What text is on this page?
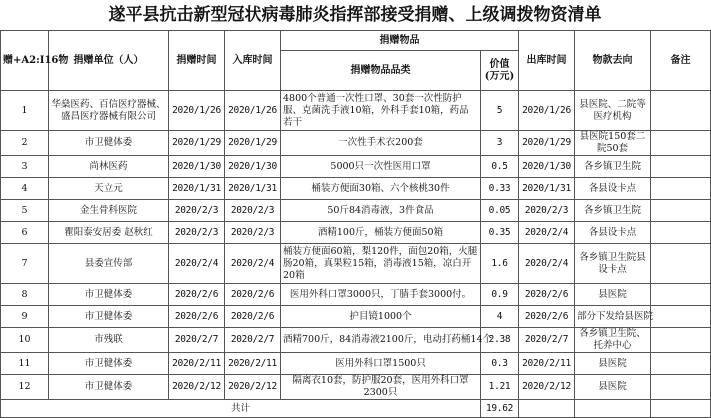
遂平县抗击新型冠状病毒肺炎指挥部接受捐赠、上级调拨物资清单
赠+A2:I16物	捐赠单位（人）	捐赠时间	入库时间	捐赠物品		出库时间	物款去向	备注
				捐赠物品品类	价值(万元)			
1	华燊医药、百信医疗器械、盛昌医疗器械有限公司	2020/1/26	2020/1/26	4800个普通一次性口罩、30套一次性防护服、克菌洗手液10箱，外科手套10箱，药品若干	5	2020/1/26	县医院、二院等医疗机构	
2	市卫健体委	2020/1/29	2020/1/29	一次性手术衣200套	3	2020/1/29	县医院150套二院50套	
3	尚林医药	2020/1/30	2020/1/30	5000只一次性医用口罩	0.5	2020/1/30	各乡镇卫生院	
4	天立元	2020/1/31	2020/1/31	桶装方便面30箱、六个核桃30件	0.33	2020/1/31	各县设卡点	
5	金生骨科医院	2020/2/3	2020/2/3	50斤84消毒液，3件食品	0.05	2020/2/3	各乡镇卫生院	
6	瞿阳泰安居委 赵秋红	2020/2/3	2020/2/3	酒精100斤，桶装方便面50箱	0.35	2020/2/4	各县设卡点	
7	县委宣传部	2020/2/4	2020/2/4	桶装方便面60箱，梨120件，面包20箱，火腿肠20箱，真果粒15箱，消毒液15箱，凉白开20箱	1.6	2020/2/4	各乡镇卫生院县设卡点	
8	市卫健体委	2020/2/6	2020/2/6	医用外科口罩3000只，丁腈手套3000付。	0.9	2020/2/6	县医院	
9	市卫健体委	2020/2/6	2020/2/6	护目镜1000个	4	2020/2/6	部分下发给县医院	
10	市残联	2020/2/7	2020/2/7	酒精700斤，84消毒液2100斤，电动打药桶14个	2.38	2020/2/7	各乡镇卫生院、托养中心	
11	市卫健体委	2020/2/11	2020/2/11	医用外科口罩1500只	0.3	2020/2/11	县医院	
12	市卫健体委	2020/2/12	2020/2/12	隔离衣10套，防护服20套，医用外科口罩2300只	1.21	2020/2/12	县医院	
共计					19.62			
